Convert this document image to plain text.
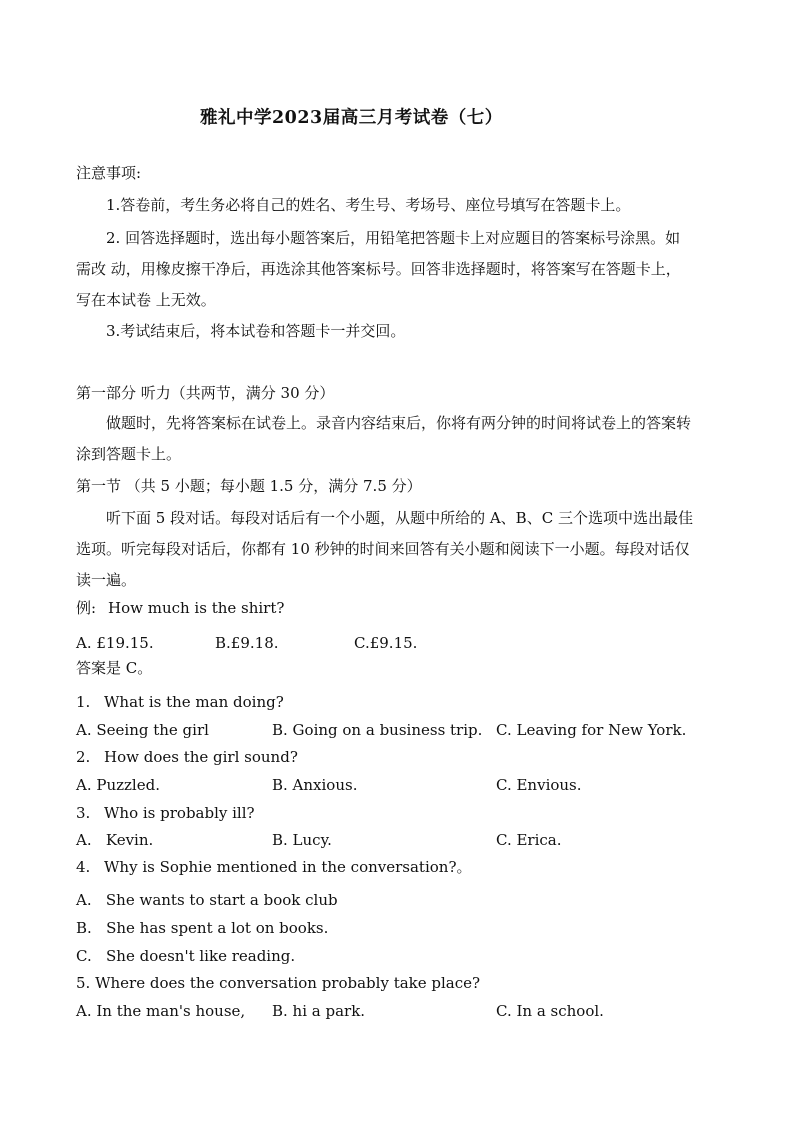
雅礼中学2023届高三月考试卷（七）
注意事项:
1.答卷前，考生务必将自己的姓名、考生号、考场号、座位号填写在答题卡上。
2. 回答选择题时，选出每小题答案后，用铅笔把答题卡上对应题目的答案标号涂黑。如
需改 动，用橡皮擦干净后，再选涂其他答案标号。回答非选择题时，将答案写在答题卡上，
写在本试卷 上无效。
3.考试结束后，将本试卷和答题卡一并交回。
第一部分 听力（共两节，满分 30 分）
做题时，先将答案标在试卷上。录音内容结束后，你将有两分钟的时间将试卷上的答案转
涂到答题卡上。
第一节 （共 5 小题；每小题 1.5 分，满分 7.5 分）
听下面 5 段对话。每段对话后有一个小题，从题中所给的 A、B、C 三个选项中选出最佳
选项。听完每段对话后，你都有 10 秒钟的时间来回答有关小题和阅读下一小题。每段对话仅
读一遍。
例: How much is the shirt?
A. £19.15.	B.£9.18.	C.£9.15.
答案是 C。
1. What is the man doing?
A. Seeing the girl	B. Going on a business trip. C. Leaving for New York.
2. How does the girl sound?
A. Puzzled.	B. Anxious.	C. Envious.
3. Who is probably ill?
A.   Kevin.	B. Lucy.	C. Erica.
4. Why is Sophie mentioned in the conversation?。
A.   She wants to start a book club
B.   She has spent a lot on books.
C.   She doesn't like reading.
5. Where does the conversation probably take place?
A. In the man's house, B. hi a park.	C. In a school.
